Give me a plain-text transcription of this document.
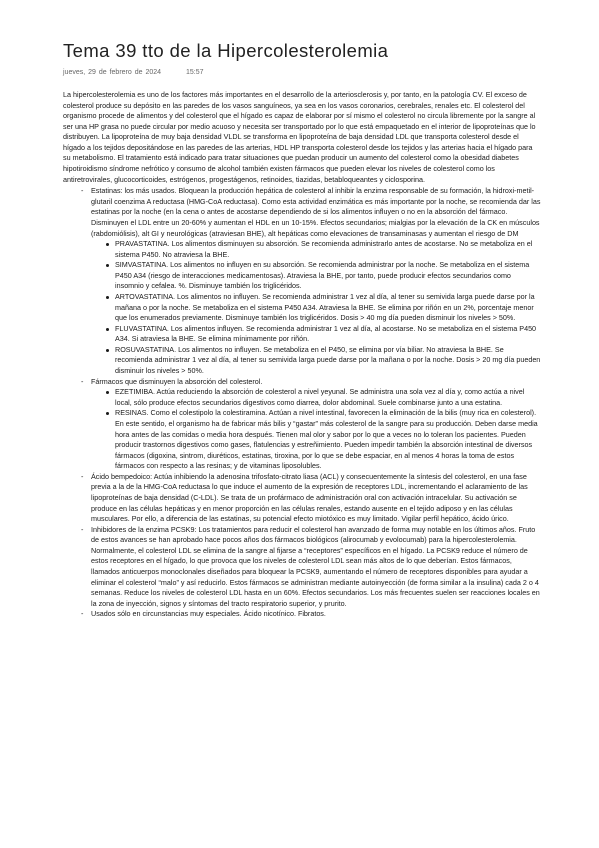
Tema 39 tto de la Hipercolesterolemia
jueves, 29 de febrero de 2024	15:57

La hipercolesterolemia es uno de los factores más importantes en el desarrollo de la arteriosclerosis y, por tanto, en la patología CV. El exceso de colesterol produce su depósito en las paredes de los vasos sanguíneos, ya sea en los vasos coronarios, cerebrales, renales etc. El colesterol del organismo procede de alimentos y del colesterol que el hígado es capaz de elaborar por sí mismo el colesterol no circula libremente por la sangre al ser una HP grasa no puede circular por medio acuoso y necesita ser transportado por lo que está empaquetado en el interior de lipoproteínas que lo distribuyen. La lipoproteína de muy baja densidad VLDL se transforma en lipoproteína de baja densidad LDL que transporta colesterol desde el hígado a los tejidos depositándose en las paredes de las arterias, HDL HP transporta colesterol desde los tejidos y las arterias hacia el hígado para su metabolismo. El tratamiento está indicado para tratar situaciones que puedan producir un aumento del colesterol como la obesidad diabetes hipotiroidismo síndrome nefrótico y consumo de alcohol también existen fármacos que pueden elevar los niveles de colesterol como los antiretrovirales, glucocorticoides, estrógenos, progestágenos, retinoides, tiazidas, betabloqueantes y ciclosporina.

- Estatinas: los más usados. Bloquean la producción hepática de colesterol al inhibir la enzima responsable de su formación, la hidroxi-metil-glutaril coenzima A reductasa (HMG-CoA reductasa). Como esta actividad enzimática es más importante por la noche, se recomienda dar las estatinas por la noche (en la cena o antes de acostarse dependiendo de si los alimentos influyen o no en la absorción del fármaco. Disminuyen el LDL entre un 20-60% y aumentan el HDL en un 10-15%. Efectos secundarios; mialgias por la elevación de la CK en músculos (rabdomiólisis), alt GI y neurológicas (atraviesan BHE), alt hepáticas como elevaciones de transaminasas y aumentan el riesgo de DM
PRAVASTATINA. Los alimentos disminuyen su absorción. Se recomienda administrarlo antes de acostarse. No se metaboliza en el sistema P450. No atraviesa la BHE.
SIMVASTATINA. Los alimentos no influyen en su absorción. Se recomienda administrar por la noche. Se metaboliza en el sistema P450 A34 (riesgo de interacciones medicamentosas). Atraviesa la BHE, por tanto, puede producir efectos secundarios como insomnio y cefalea. %. Disminuye también los triglicéridos.
ARTOVASTATINA. Los alimentos no influyen. Se recomienda administrar 1 vez al día, al tener su semivida larga puede darse por la mañana o por la noche. Se metaboliza en el sistema P450 A34. Atraviesa la BHE. Se elimina por riñón en un 2%, porcentaje menor que los enumerados previamente. Disminuye también los triglicéridos. Dosis > 40 mg día pueden disminuir los niveles > 50%.
FLUVASTATINA. Los alimentos influyen. Se recomienda administrar 1 vez al día, al acostarse. No se metaboliza en el sistema P450 A34. Si atraviesa la BHE. Se elimina mínimamente por riñón.
ROSUVASTATINA. Los alimentos no influyen. Se metaboliza en el P450, se elimina por vía biliar. No atraviesa la BHE. Se recomienda administrar 1 vez al día, al tener su semivida larga puede darse por la mañana o por la noche. Dosis > 20 mg día pueden disminuir los niveles > 50%.
- Fármacos que disminuyen la absorción del colesterol.
EZETIMIBA. Actúa reduciendo la absorción de colesterol a nivel yeyunal. Se administra una sola vez al día y, como actúa a nivel local, sólo produce efectos secundarios digestivos como diarrea, dolor abdominal. Suele combinarse junto a una estatina.
RESINAS. Como el colestipolo la colestiramina. Actúan a nivel intestinal, favorecen la eliminación de la bilis (muy rica en colesterol). En este sentido, el organismo ha de fabricar más bilis y “gastar” más colesterol de la sangre para su producción. Deben darse media hora antes de las comidas o media hora después. Tienen mal olor y sabor por lo que a veces no lo toleran los pacientes. Pueden producir trastornos digestivos como gases, flatulencias y estreñimiento. Pueden impedir también la absorción intestinal de diversos fármacos (digoxina, sintrom, diuréticos, estatinas, tiroxina, por lo que se debe espaciar, en al menos 4 horas la toma de estos fármacos con respecto a las resinas; y de vitaminas liposolubles.
- Ácido bempedoico: Actúa inhibiendo la adenosina trifosfato-citrato liasa (ACL) y consecuentemente la síntesis del colesterol, en una fase previa a la de la HMG-CoA reductasa lo que induce el aumento de la expresión de receptores LDL, incrementando el aclaramiento de las lipoproteínas de baja densidad (C-LDL). Se trata de un profármaco de administración oral con activación intracelular. Su activación se produce en las células hepáticas y en menor proporción en las células renales, estando ausente en el tejido adiposo y en las células musculares. Por ello, a diferencia de las estatinas, su potencial efecto miotóxico es muy limitado. Vigilar perfil hepático, ácido úrico.
- Inhibidores de la enzima PCSK9: Los tratamientos para reducir el colesterol han avanzado de forma muy notable en los últimos años. Fruto de estos avances se han aprobado hace pocos años dos fármacos biológicos (alirocumab y evolocumab) para la hipercolesterolemia. Normalmente, el colesterol LDL se elimina de la sangre al fijarse a “receptores” específicos en el hígado. La PCSK9 reduce el número de estos receptores en el hígado, lo que provoca que los niveles de colesterol LDL sean más altos de lo que deberían. Estos fármacos, llamados anticuerpos monoclonales diseñados para bloquear la PCSK9, aumentando el número de receptores disponibles para ayudar a eliminar el colesterol “malo” y así reducirlo. Estos fármacos se administran mediante autoinyección (de forma similar a la insulina) cada 2 o 4 semanas. Reduce los niveles de colesterol LDL hasta en un 60%. Efectos secundarios. Los más frecuentes suelen ser reacciones locales en la zona de inyección, signos y síntomas del tracto respiratorio superior, y prurito.
- Usados sólo en circunstancias muy especiales. Ácido nicotínico. Fibratos.
